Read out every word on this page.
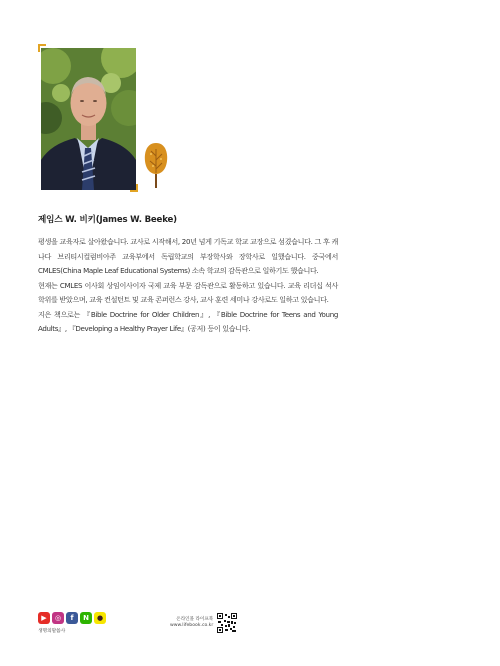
제임스 W. 비키(James W. Beeke)

평생을 교육자로 살아왔습니다. 교사로 시작해서, 20년 넘게 기독교 학교 교장으로 섬겼습니다. 그 후 캐나다 브리티시컬럼비아주 교육부에서 독립학교의 부장학사와 장학사로 일했습니다. 중국에서 CMLES(China Maple Leaf Educational Systems) 소속 학교의 감독관으로 일하기도 했습니다.

현재는 CMLES 이사회 상임이사이자 국제 교육 부문 감독관으로 활동하고 있습니다. 교육 리더십 석사 학위를 받았으며, 교육 컨설턴트 및 교육 콘퍼런스 강사, 교사 훈련 세미나 강사로도 일하고 있습니다.

지은 책으로는 『Bible Doctrine for Older Children』, 『Bible Doctrine for Teens and Young Adults』, 『Developing a Healthy Prayer Life』(공저) 등이 있습니다.

▶	◎	f	N	●
생명의말씀사
온라인몰 라이프북
www.lifebook.co.kr
